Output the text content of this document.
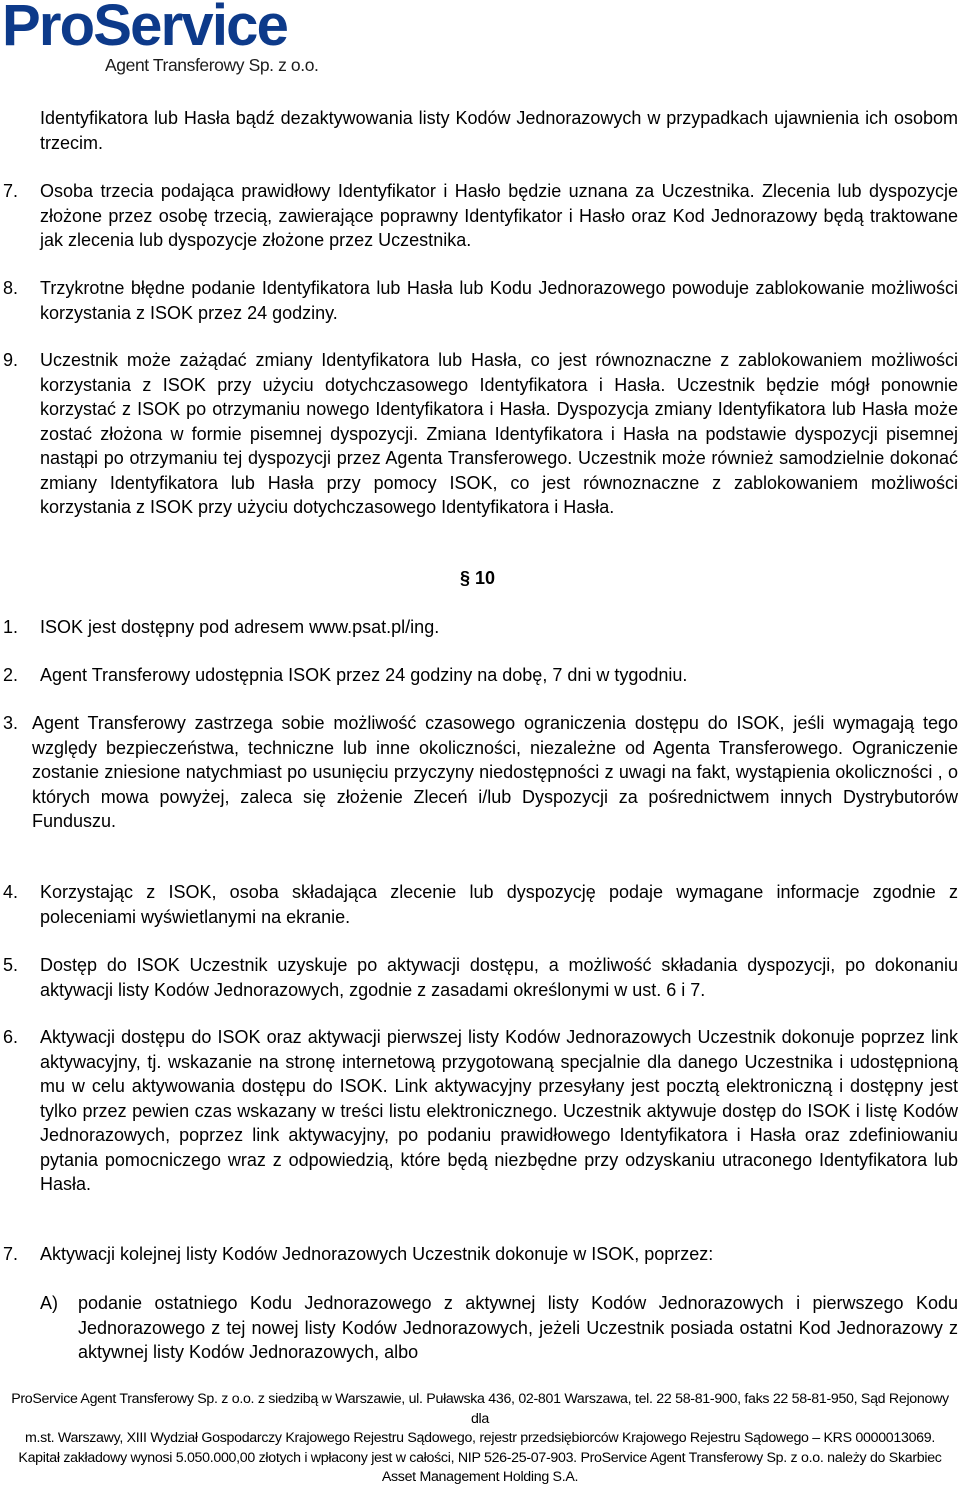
ProService
Agent Transferowy Sp. z o.o.
Identyfikatora lub Hasła bądź dezaktywowania listy Kodów Jednorazowych w przypadkach ujawnienia ich osobom trzecim.
7. Osoba trzecia podająca prawidłowy Identyfikator i Hasło będzie uznana za Uczestnika. Zlecenia lub dyspozycje złożone przez osobę trzecią, zawierające poprawny Identyfikator i Hasło oraz Kod Jednorazowy będą traktowane jak zlecenia lub dyspozycje złożone przez Uczestnika.
8. Trzykrotne błędne podanie Identyfikatora lub Hasła lub Kodu Jednorazowego powoduje zablokowanie możliwości korzystania z ISOK przez 24 godziny.
9. Uczestnik może zażądać zmiany Identyfikatora lub Hasła, co jest równoznaczne z zablokowaniem możliwości korzystania z ISOK przy użyciu dotychczasowego Identyfikatora i Hasła. Uczestnik będzie mógł ponownie korzystać z ISOK po otrzymaniu nowego Identyfikatora i Hasła. Dyspozycja zmiany Identyfikatora lub Hasła może zostać złożona w formie pisemnej dyspozycji. Zmiana Identyfikatora i Hasła na podstawie dyspozycji pisemnej nastąpi po otrzymaniu tej dyspozycji przez Agenta Transferowego. Uczestnik może również samodzielnie dokonać zmiany Identyfikatora lub Hasła przy pomocy ISOK, co jest równoznaczne z zablokowaniem możliwości korzystania z ISOK przy użyciu dotychczasowego Identyfikatora i Hasła.
§ 10
1. ISOK jest dostępny pod adresem www.psat.pl/ing.
2. Agent Transferowy udostępnia ISOK przez 24 godziny na dobę, 7 dni w tygodniu.
3. Agent Transferowy zastrzega sobie możliwość czasowego ograniczenia dostępu do ISOK, jeśli wymagają tego względy bezpieczeństwa, techniczne lub inne okoliczności, niezależne od Agenta Transferowego. Ograniczenie zostanie zniesione natychmiast po usunięciu przyczyny niedostępności z uwagi na fakt, wystąpienia okoliczności , o których mowa powyżej, zaleca się złożenie Zleceń i/lub Dyspozycji za pośrednictwem innych Dystrybutorów Funduszu.
4. Korzystając z ISOK, osoba składająca zlecenie lub dyspozycję podaje wymagane informacje zgodnie z poleceniami wyświetlanymi na ekranie.
5. Dostęp do ISOK Uczestnik uzyskuje po aktywacji dostępu, a możliwość składania dyspozycji, po dokonaniu aktywacji listy Kodów Jednorazowych, zgodnie z zasadami określonymi w ust. 6 i 7.
6. Aktywacji dostępu do ISOK oraz aktywacji pierwszej listy Kodów Jednorazowych Uczestnik dokonuje poprzez link aktywacyjny, tj. wskazanie na stronę internetową przygotowaną specjalnie dla danego Uczestnika i udostępnioną mu w celu aktywowania dostępu do ISOK. Link aktywacyjny przesyłany jest pocztą elektroniczną i dostępny jest tylko przez pewien czas wskazany w treści listu elektronicznego. Uczestnik aktywuje dostęp do ISOK i listę Kodów Jednorazowych, poprzez link aktywacyjny, po podaniu prawidłowego Identyfikatora i Hasła oraz zdefiniowaniu pytania pomocniczego wraz z odpowiedzią, które będą niezbędne przy odzyskaniu utraconego Identyfikatora lub Hasła.
7. Aktywacji kolejnej listy Kodów Jednorazowych Uczestnik dokonuje w ISOK, poprzez:
A) podanie ostatniego Kodu Jednorazowego z aktywnej listy Kodów Jednorazowych i pierwszego Kodu Jednorazowego z tej nowej listy Kodów Jednorazowych, jeżeli Uczestnik posiada ostatni Kod Jednorazowy z aktywnej listy Kodów Jednorazowych, albo
ProService Agent Transferowy Sp. z o.o. z siedzibą w Warszawie, ul. Puławska 436, 02-801 Warszawa, tel. 22 58-81-900, faks 22 58-81-950, Sąd Rejonowy
dla
m.st. Warszawy, XIII Wydział Gospodarczy Krajowego Rejestru Sądowego, rejestr przedsiębiorców Krajowego Rejestru Sądowego – KRS 0000013069.
Kapitał zakładowy wynosi 5.050.000,00 złotych i wpłacony jest w całości, NIP 526-25-07-903. ProService Agent Transferowy Sp. z o.o. należy do Skarbiec
Asset Management Holding S.A.
